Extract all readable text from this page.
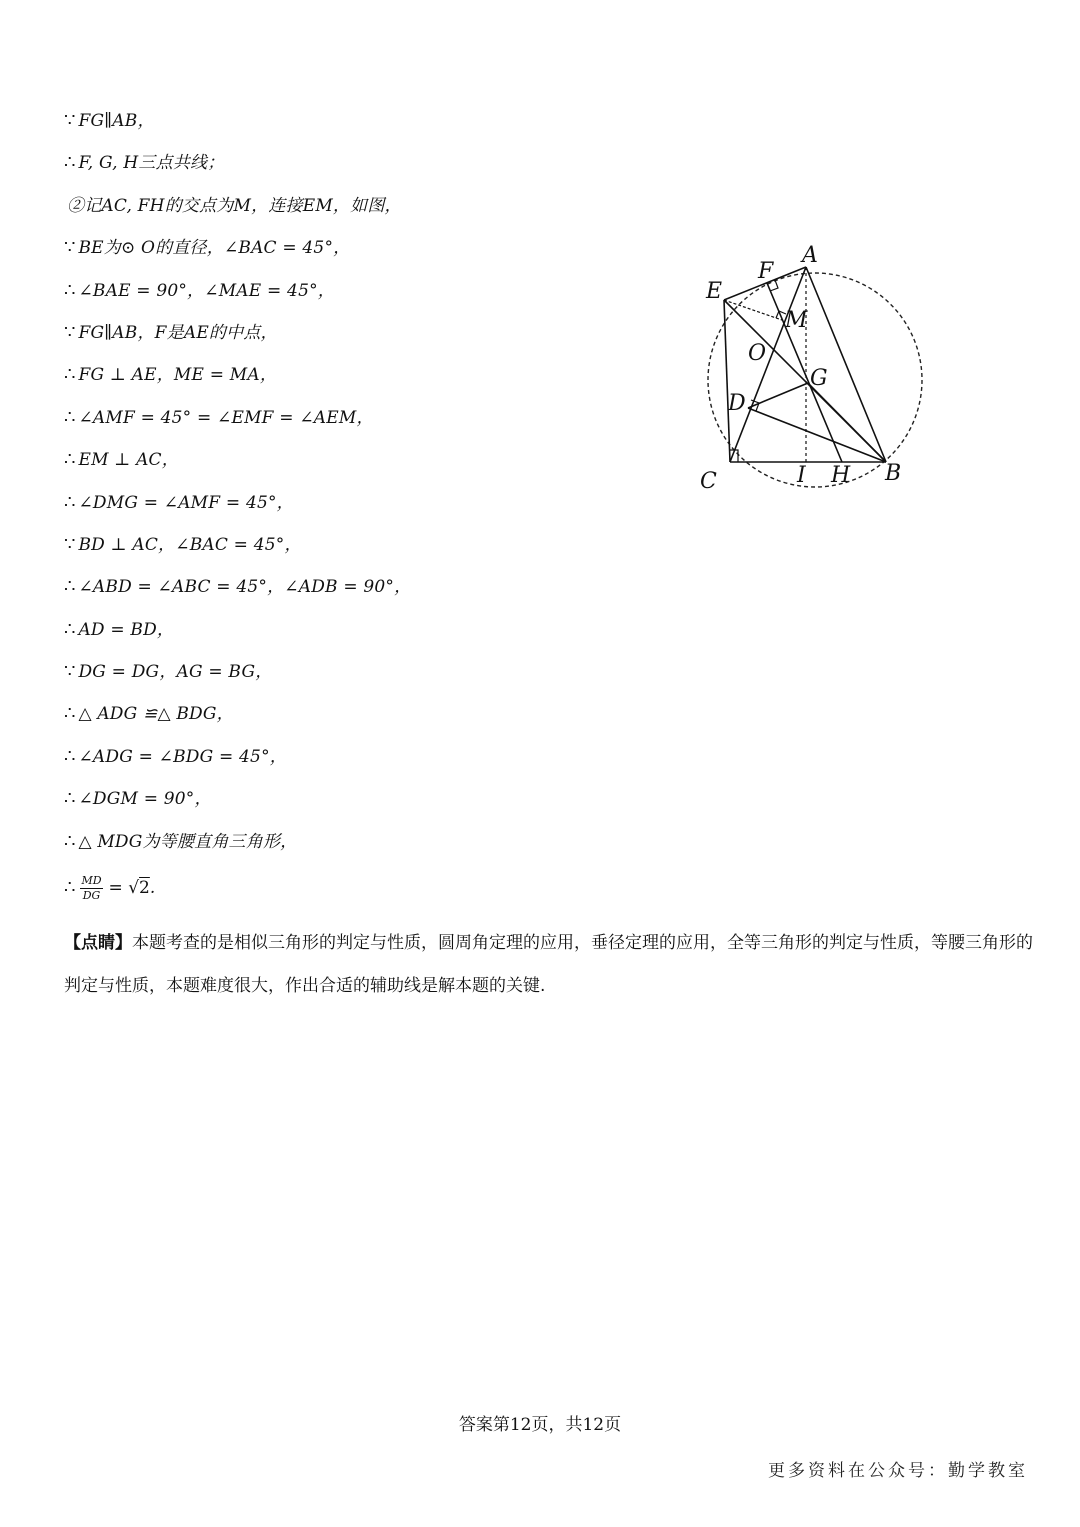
∵ FG∥AB，
∴ F, G, H三点共线；
②记AC, FH的交点为M，连接EM，如图，
∵ BE为⊙ O的直径，∠BAC = 45°，
∴ ∠BAE = 90°，∠MAE = 45°，
∵ FG∥AB，F是AE的中点，
∴ FG ⊥ AE，ME = MA，
∴ ∠AMF = 45° = ∠EMF = ∠AEM，
∴ EM ⊥ AC，
∴ ∠DMG = ∠AMF = 45°，
∵ BD ⊥ AC，∠BAC = 45°，
∴ ∠ABD = ∠ABC = 45°，∠ADB = 90°，
∴ AD = BD，
∵ DG = DG，AG = BG，
∴ △ ADG ≌△ BDG，
∴ ∠ADG = ∠BDG = 45°，
∴ ∠DGM = 90°，
∴ △ MDG为等腰直角三角形，
∴ $\frac{MD}{DG} = √2$.
A
E
F
M
O
G
D
C	I H B
【点睛】本题考查的是相似三角形的判定与性质，圆周角定理的应用，垂径定理的应用，全等三角形的判定与性质，等腰三角形的判定与性质，本题难度很大，作出合适的辅助线是解本题的关键.
答案第12页，共12页
更多资料在公众号：勤学教室
